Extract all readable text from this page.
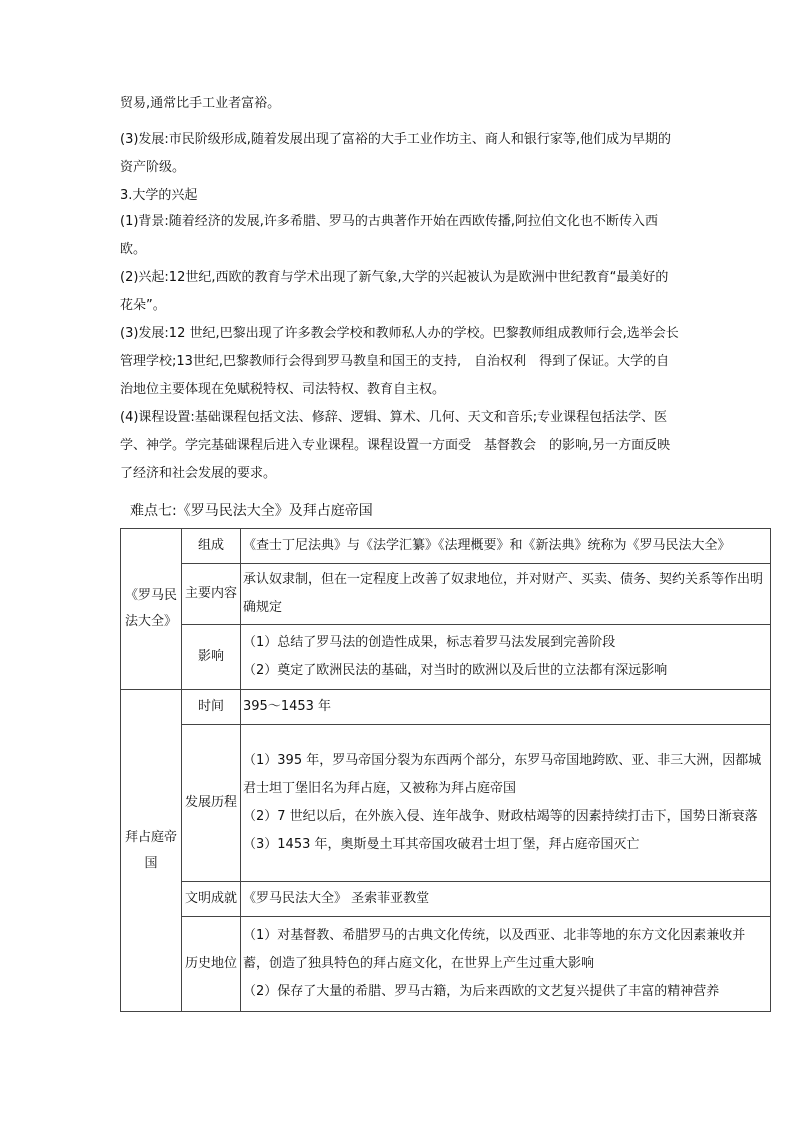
贸易,通常比手工业者富裕。
(3)发展:市民阶级形成,随着发展出现了富裕的大手工业作坊主、商人和银行家等,他们成为早期的资产阶级。
3.大学的兴起
(1)背景:随着经济的发展,许多希腊、罗马的古典著作开始在西欧传播,阿拉伯文化也不断传入西欧。
(2)兴起:12世纪,西欧的教育与学术出现了新气象,大学的兴起被认为是欧洲中世纪教育“最美好的花朵”。
(3)发展:12 世纪,巴黎出现了许多教会学校和教师私人办的学校。巴黎教师组成教师行会,选举会长管理学校;13世纪,巴黎教师行会得到罗马教皇和国王的支持,　自治权利　得到了保证。大学的自治地位主要体现在免赋税特权、司法特权、教育自主权。
(4)课程设置:基础课程包括文法、修辞、逻辑、算术、几何、天文和音乐;专业课程包括法学、医学、神学。学完基础课程后进入专业课程。课程设置一方面受　基督教会　的影响,另一方面反映了经济和社会发展的要求。
难点七:《罗马民法大全》及拜占庭帝国
《罗马民法大全》	组成	《查士丁尼法典》与《法学汇纂》《法理概要》和《新法典》统称为《罗马民法大全》

	主要内容	承认奴隶制，但在一定程度上改善了奴隶地位，并对财产、买卖、债务、契约关系等作出明确规定

	影响	（1）总结了罗马法的创造性成果，标志着罗马法发展到完善阶段
（2）奠定了欧洲民法的基础，对当时的欧洲以及后世的立法都有深远影响

拜占庭帝国	时间	395～1453 年

	发展历程	（1）395 年，罗马帝国分裂为东西两个部分，东罗马帝国地跨欧、亚、非三大洲，因都城君士坦丁堡旧名为拜占庭，又被称为拜占庭帝国
（2）7 世纪以后，在外族入侵、连年战争、财政枯竭等的因素持续打击下，国势日渐衰落
（3）1453 年，奥斯曼土耳其帝国攻破君士坦丁堡，拜占庭帝国灭亡

	文明成就	《罗马民法大全》 圣索菲亚教堂

	历史地位	（1）对基督教、希腊罗马的古典文化传统，以及西亚、北非等地的东方文化因素兼收并蓄，创造了独具特色的拜占庭文化，在世界上产生过重大影响
（2）保存了大量的希腊、罗马古籍，为后来西欧的文艺复兴提供了丰富的精神营养
